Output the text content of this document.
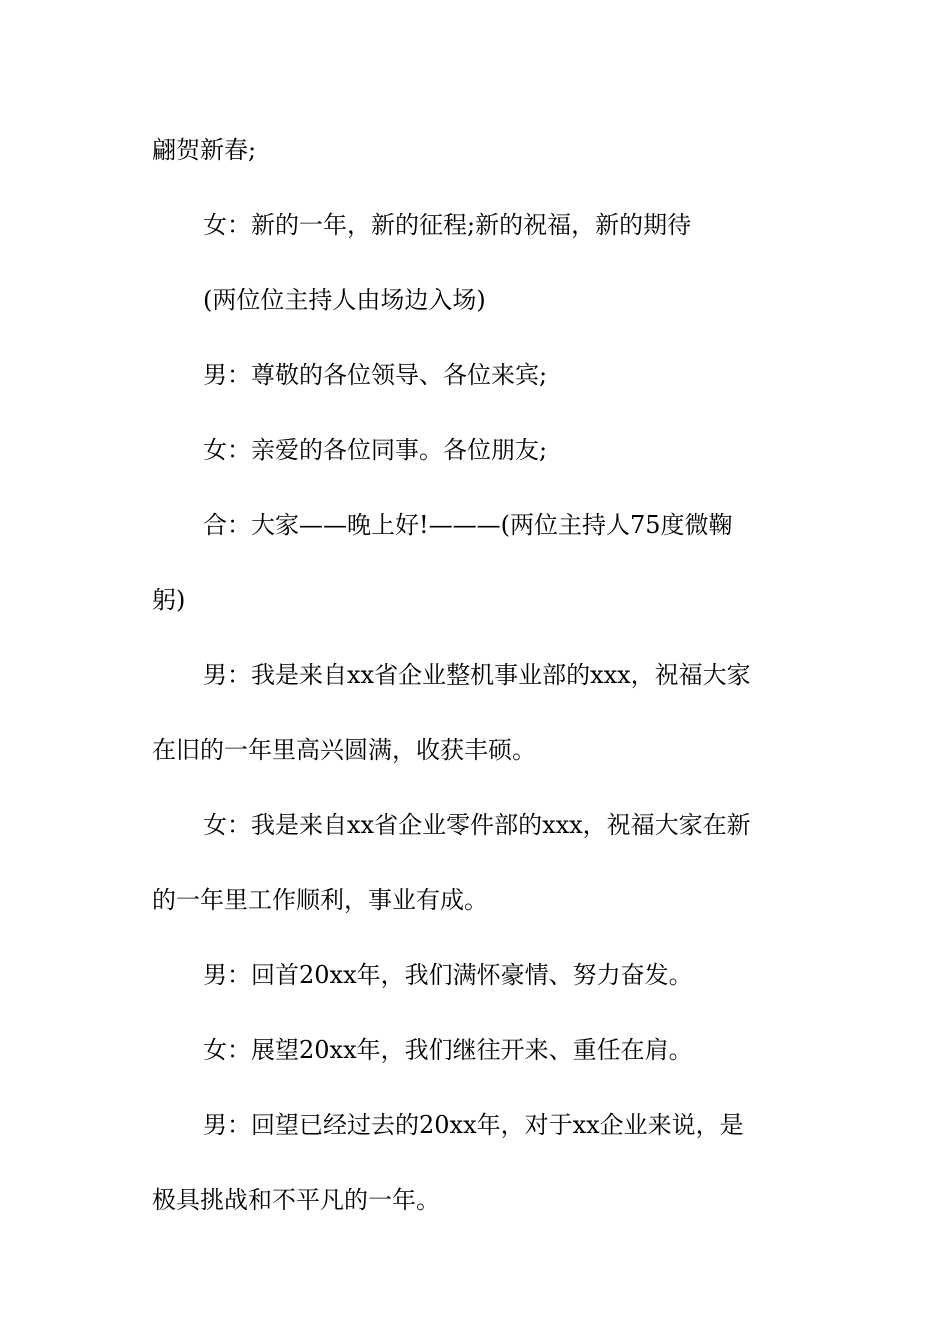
翩贺新春;
女：新的一年，新的征程;新的祝福，新的期待
(两位位主持人由场边入场)
男：尊敬的各位领导、各位来宾;
女：亲爱的各位同事。各位朋友;
合：大家——晚上好!———(两位主持人75度微鞠
躬)
男：我是来自xx省企业整机事业部的xxx，祝福大家
在旧的一年里高兴圆满，收获丰硕。
女：我是来自xx省企业零件部的xxx，祝福大家在新
的一年里工作顺利，事业有成。
男：回首20xx年，我们满怀豪情、努力奋发。
女：展望20xx年，我们继往开来、重任在肩。
男：回望已经过去的20xx年，对于xx企业来说，是
极具挑战和不平凡的一年。
